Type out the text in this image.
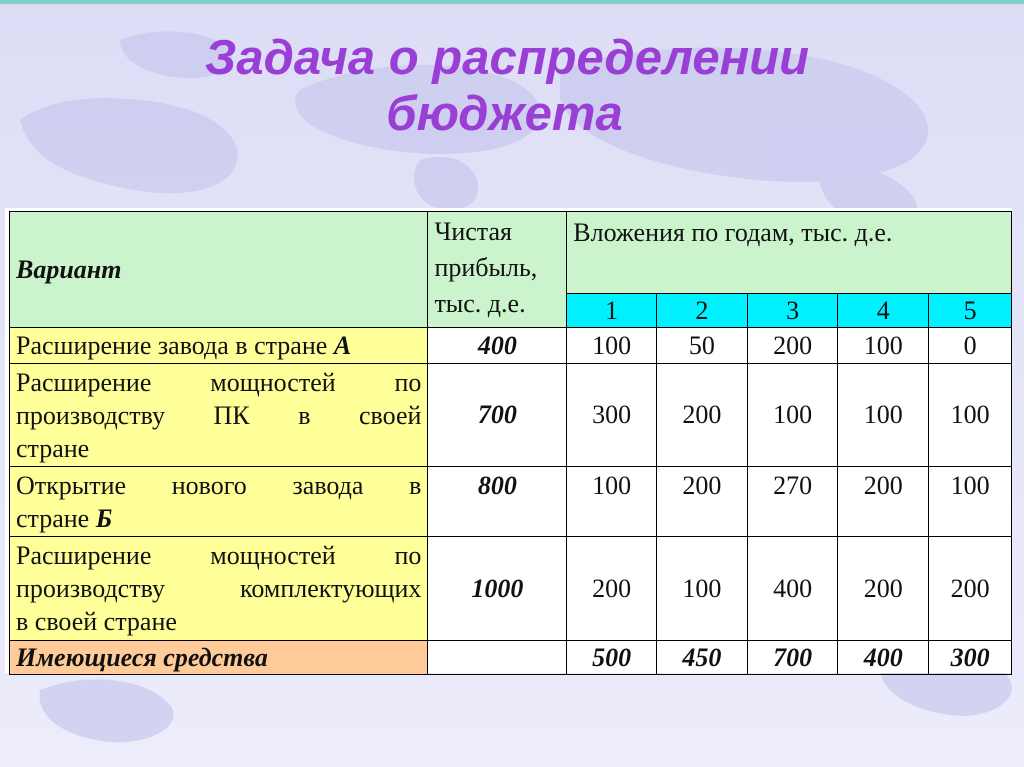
Задача о распределении
бюджета
Вариант	Чистая
прибыль,
тыс. д.е.	Вложения по годам, тыс. д.е.				
		1	2	3	4	5
Расширение завода в стране А	400	100	50	200	100	0

Расширение мощностей по
производству ПК в своей
стране	700	300	200	100	100	100

Открытие нового завода в
стране Б	800	100	200	270	200	100

Расширение мощностей по
производству комплектующих
в своей стране	1000	200	100	400	200	200
Имеющиеся средства		500	450	700	400	300
